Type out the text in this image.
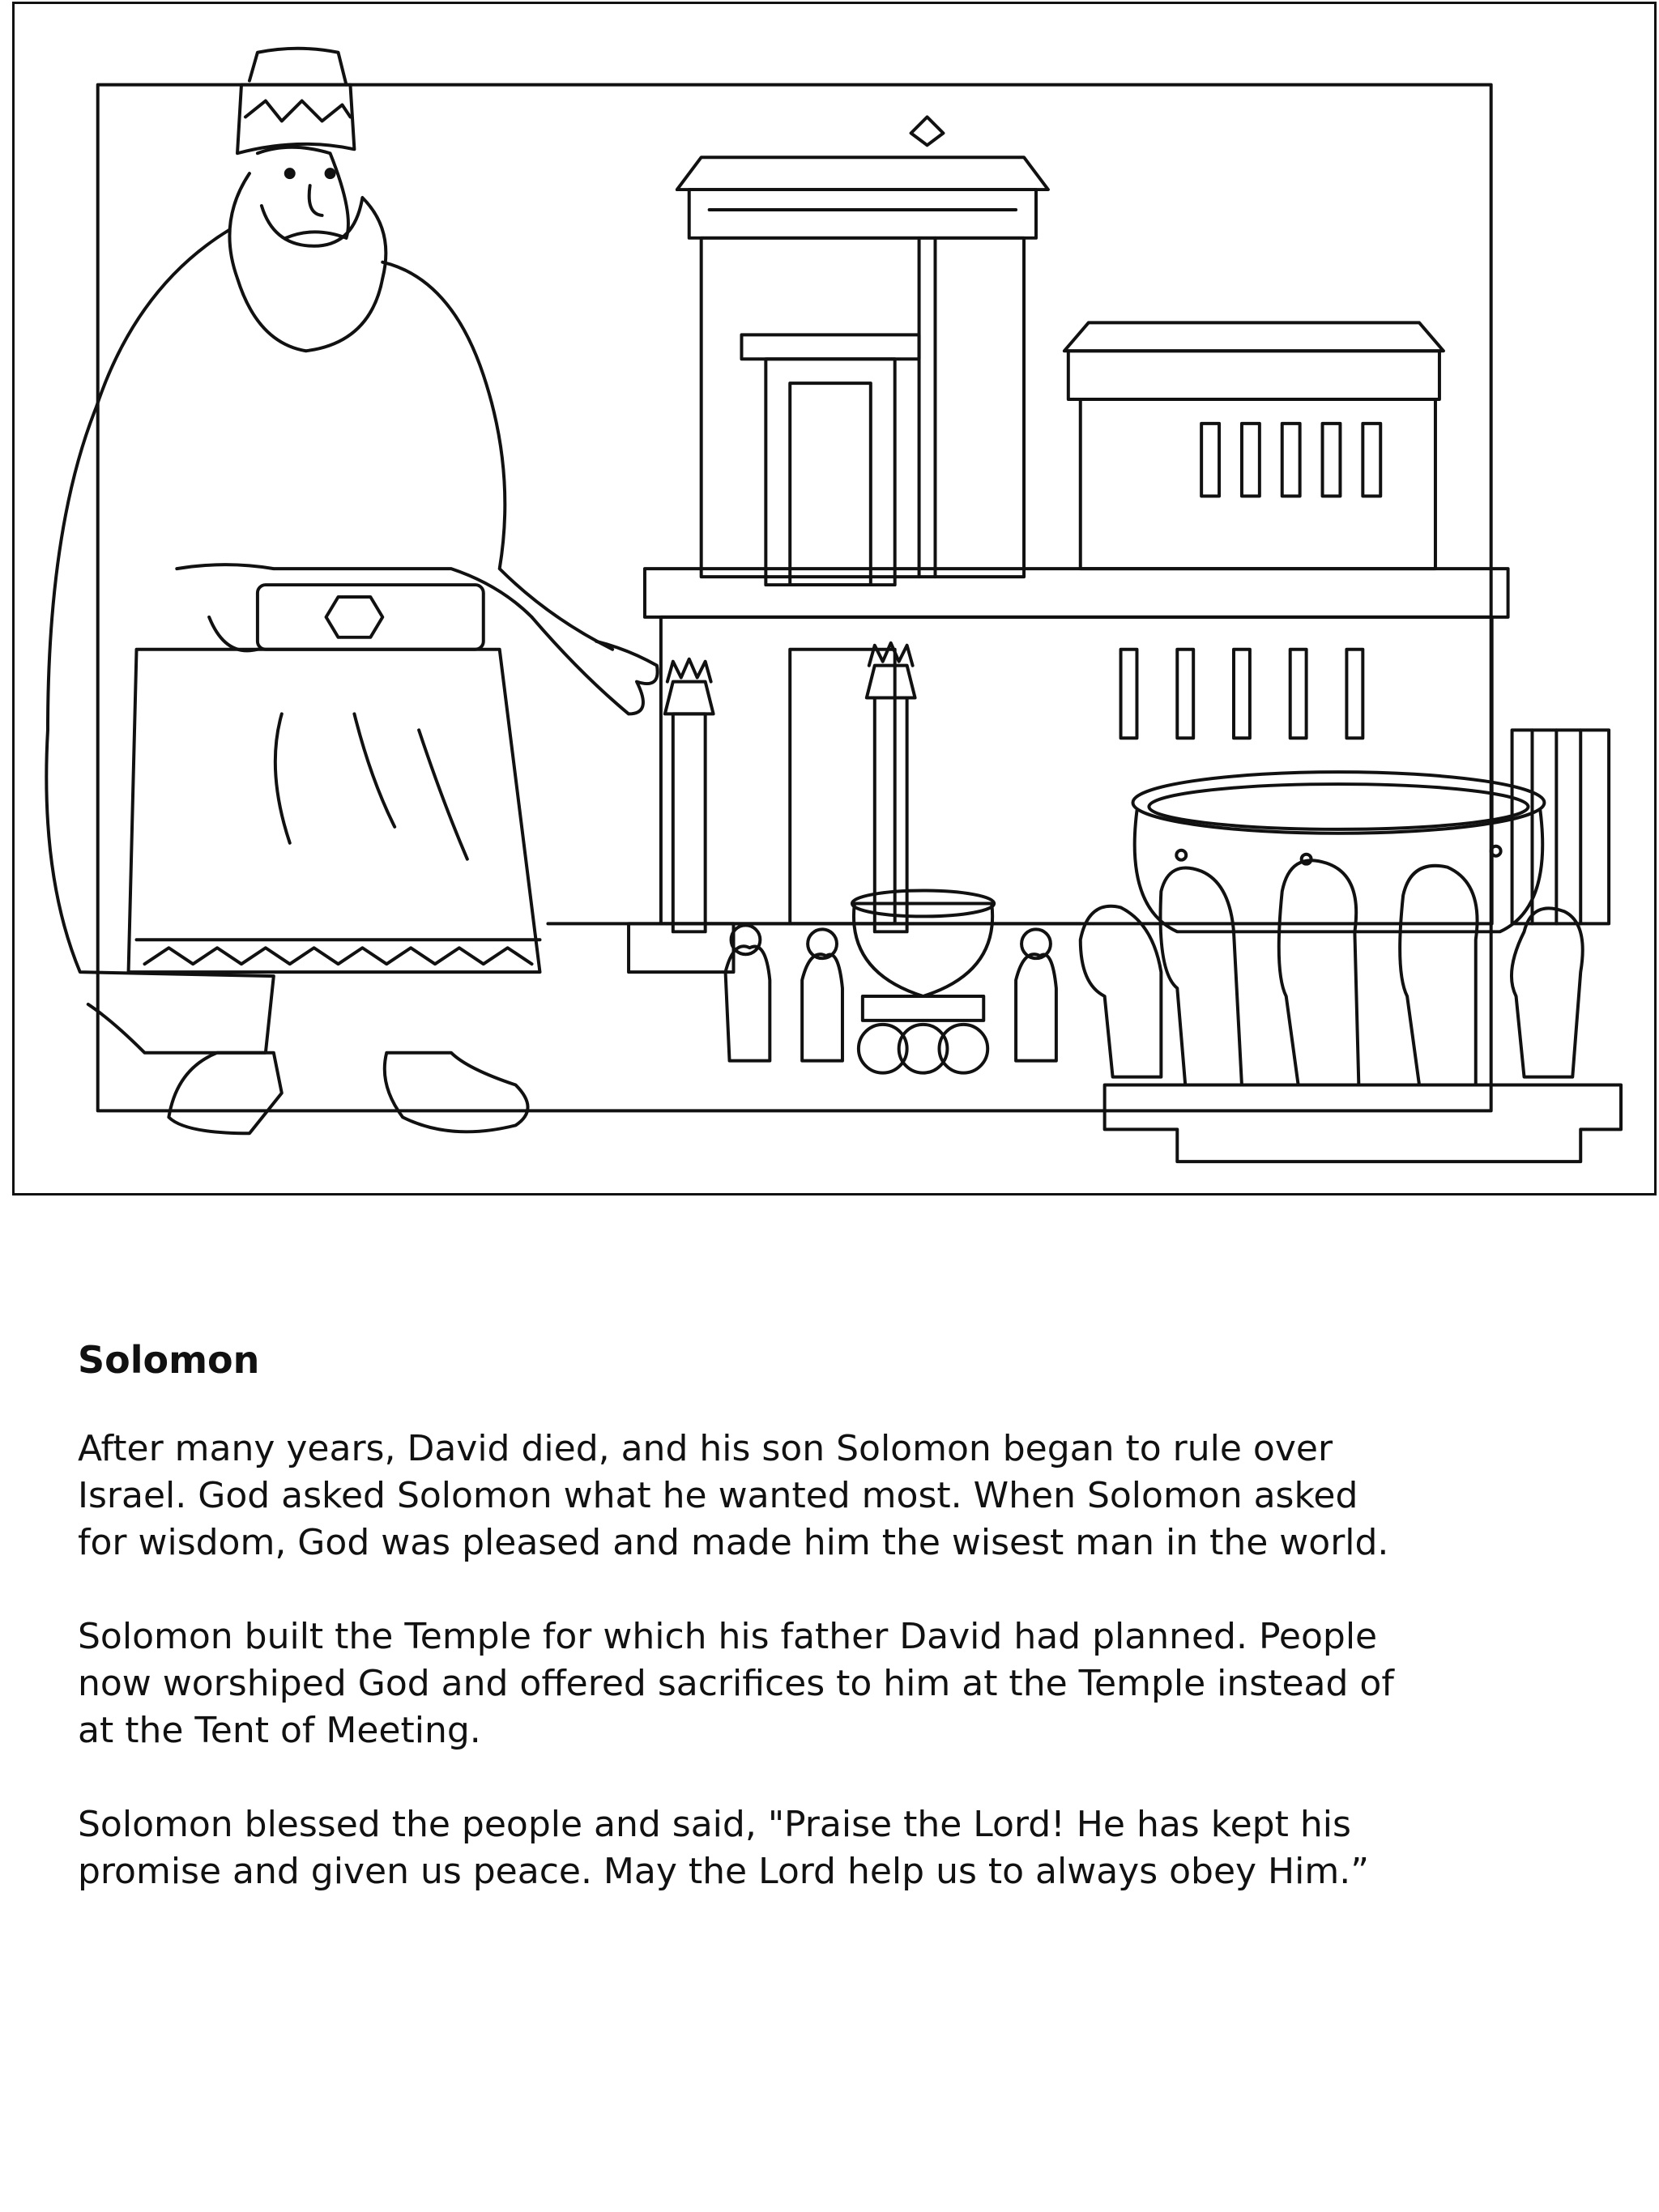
Solomon
After many years, David died, and his son Solomon began to rule over
Israel. God asked Solomon what he wanted most. When Solomon asked
for wisdom, God was pleased and made him the wisest man in the world.
Solomon built the Temple for which his father David had planned. People
now worshiped God and offered sacrifices to him at the Temple instead of
at the Tent of Meeting.
Solomon blessed the people and said, "Praise the Lord! He has kept his
promise and given us peace. May the Lord help us to always obey Him.”
